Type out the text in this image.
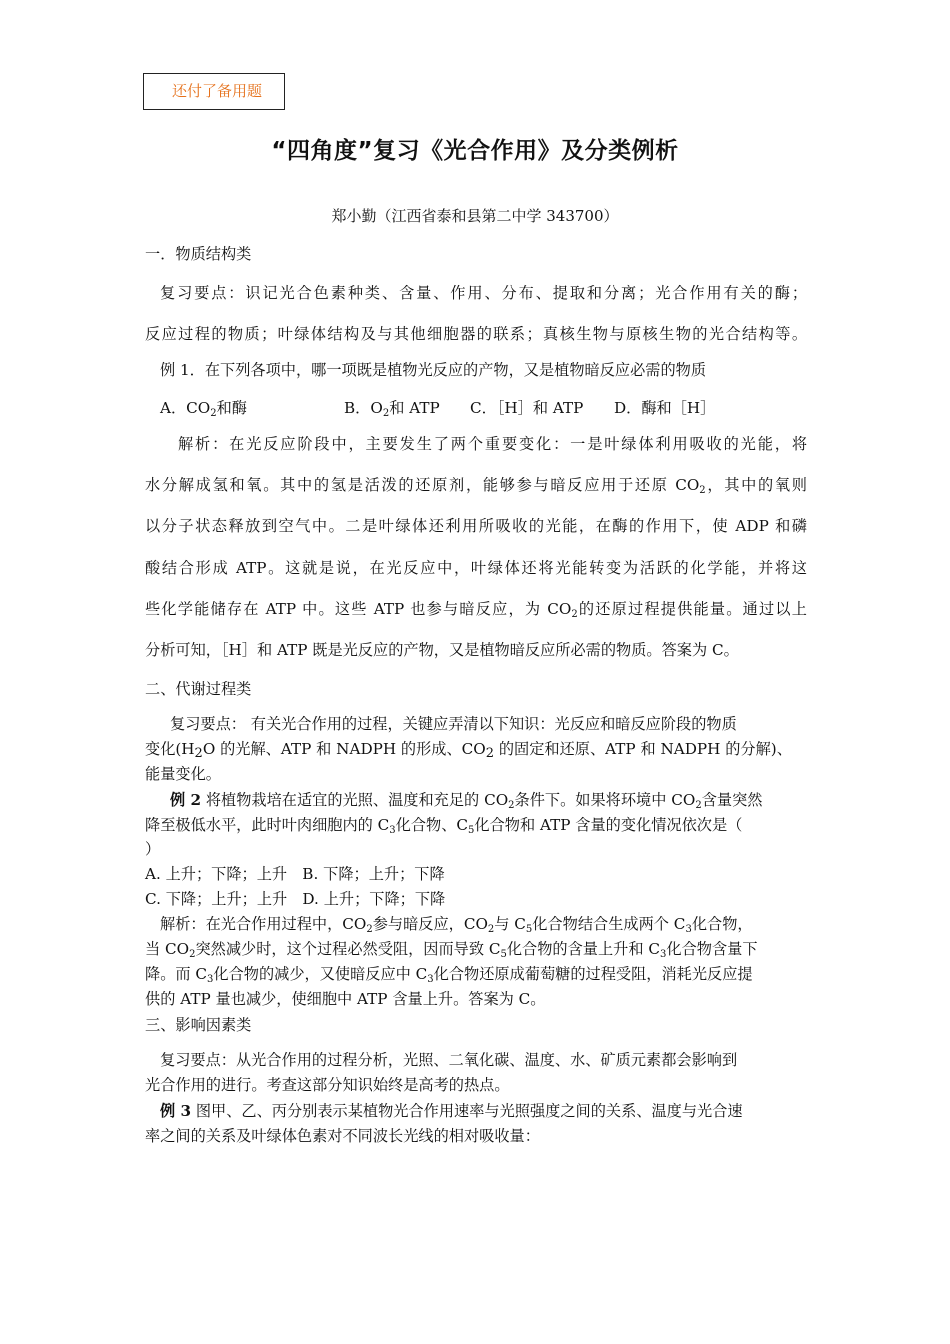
还付了备用题
“四角度”复习《光合作用》及分类例析
郑小勤（江西省泰和县第二中学 343700）
一．物质结构类
复习要点：识记光合色素种类、含量、作用、分布、提取和分离；光合作用有关的酶；
反应过程的物质；叶绿体结构及与其他细胞器的联系；真核生物与原核生物的光合结构等。
例 1．在下列各项中，哪一项既是植物光反应的产物，又是植物暗反应必需的物质
A．$CO_2$和酶	B．$O_2$和 ATP C．［H］和 ATP D．酶和［H］
解析：在光反应阶段中，主要发生了两个重要变化：一是叶绿体利用吸收的光能，将
水分解成氢和氧。其中的氢是活泼的还原剂，能够参与暗反应用于还原 $CO_2$，其中的氧则
以分子状态释放到空气中。二是叶绿体还利用所吸收的光能，在酶的作用下，使 ADP 和磷
酸结合形成 ATP。这就是说，在光反应中，叶绿体还将光能转变为活跃的化学能，并将这
些化学能储存在 ATP 中。这些 ATP 也参与暗反应，为 $CO_2$的还原过程提供能量。通过以上
分析可知，［H］和 ATP 既是光反应的产物，又是植物暗反应所必需的物质。答案为 C。
二、代谢过程类
复习要点： 有关光合作用的过程，关键应弄清以下知识：光反应和暗反应阶段的物质
变化(H2O 的光解、ATP 和 NADPH 的形成、CO2 的固定和还原、ATP 和 NADPH 的分解)、
能量变化。
例 2 将植物栽培在适宜的光照、温度和充足的 $CO_2$条件下。如果将环境中 $CO_2$含量突然
降至极低水平，此时叶肉细胞内的 $C_3$化合物、$C_5$化合物和 ATP 含量的变化情况依次是（
）
A. 上升；下降；上升　B. 下降；上升；下降
C. 下降；上升；上升　D. 上升；下降；下降
解析：在光合作用过程中，$CO_2$参与暗反应，$CO_2$与 $C_5$化合物结合生成两个 $C_3$化合物，
当 $CO_2$突然减少时，这个过程必然受阻，因而导致 $C_5$化合物的含量上升和 $C_3$化合物含量下
降。而 $C_3$化合物的减少，又使暗反应中 $C_3$化合物还原成葡萄糖的过程受阻，消耗光反应提
供的 ATP 量也减少，使细胞中 ATP 含量上升。答案为 C。
三、影响因素类
复习要点：从光合作用的过程分析，光照、二氧化碳、温度、水、矿质元素都会影响到
光合作用的进行。考查这部分知识始终是高考的热点。
例 3 图甲、乙、丙分别表示某植物光合作用速率与光照强度之间的关系、温度与光合速
率之间的关系及叶绿体色素对不同波长光线的相对吸收量：
